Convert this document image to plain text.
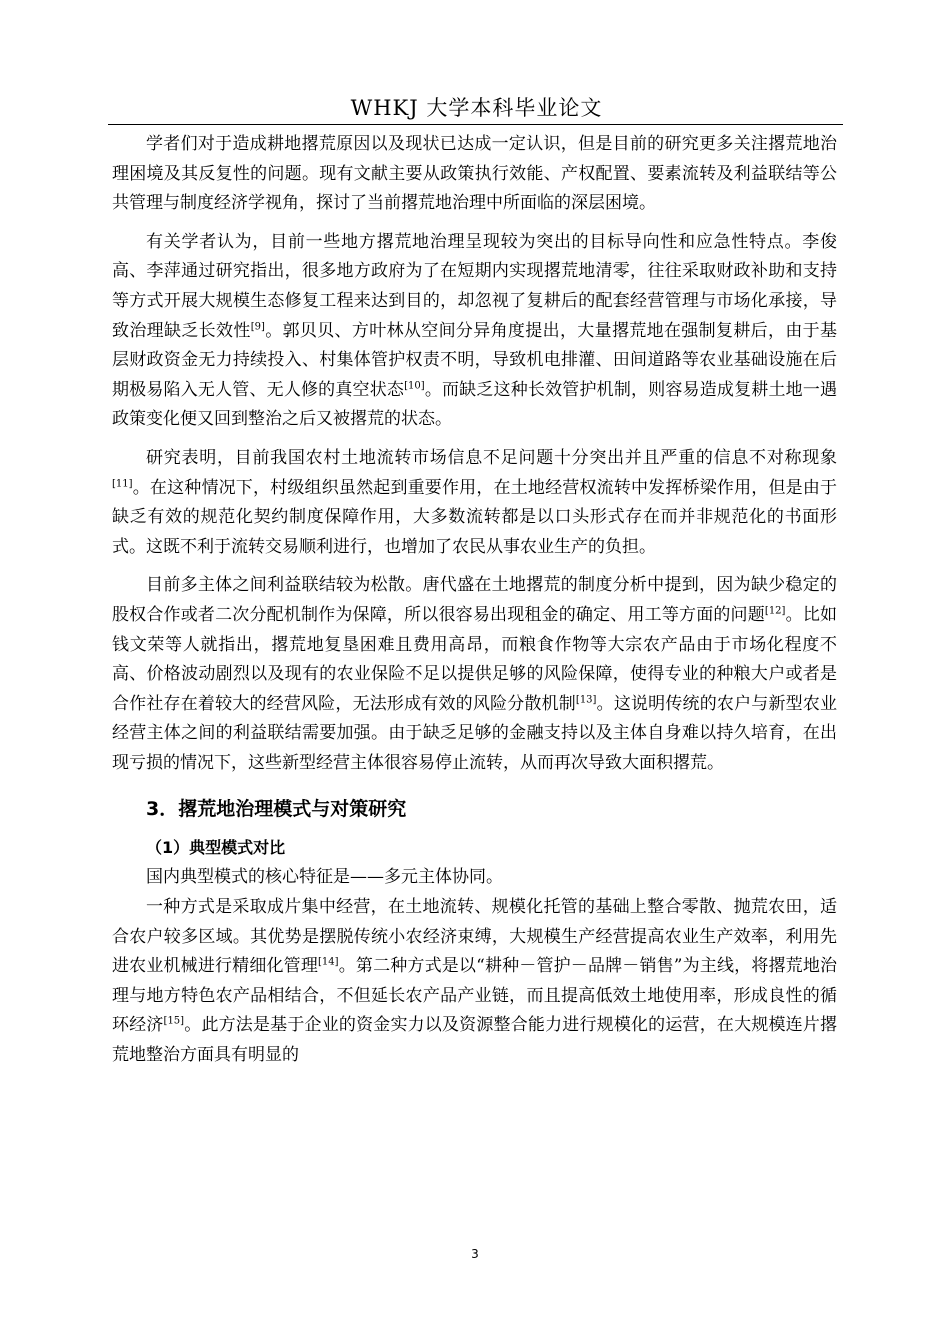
WHKJ 大学本科毕业论文

学者们对于造成耕地撂荒原因以及现状已达成一定认识，但是目前的研究更多关注撂荒地治理困境及其反复性的问题。现有文献主要从政策执行效能、产权配置、要素流转及利益联结等公共管理与制度经济学视角，探讨了当前撂荒地治理中所面临的深层困境。

有关学者认为，目前一些地方撂荒地治理呈现较为突出的目标导向性和应急性特点。李俊高、李萍通过研究指出，很多地方政府为了在短期内实现撂荒地清零，往往采取财政补助和支持等方式开展大规模生态修复工程来达到目的，却忽视了复耕后的配套经营管理与市场化承接，导致治理缺乏长效性[9]。郭贝贝、方叶林从空间分异角度提出，大量撂荒地在强制复耕后，由于基层财政资金无力持续投入、村集体管护权责不明，导致机电排灌、田间道路等农业基础设施在后期极易陷入无人管、无人修的真空状态[10]。而缺乏这种长效管护机制，则容易造成复耕土地一遇政策变化便又回到整治之后又被撂荒的状态。

研究表明，目前我国农村土地流转市场信息不足问题十分突出并且严重的信息不对称现象[11]。在这种情况下，村级组织虽然起到重要作用，在土地经营权流转中发挥桥梁作用，但是由于缺乏有效的规范化契约制度保障作用，大多数流转都是以口头形式存在而并非规范化的书面形式。这既不利于流转交易顺利进行，也增加了农民从事农业生产的负担。

目前多主体之间利益联结较为松散。唐代盛在土地撂荒的制度分析中提到，因为缺少稳定的股权合作或者二次分配机制作为保障，所以很容易出现租金的确定、用工等方面的问题[12]。比如钱文荣等人就指出，撂荒地复垦困难且费用高昂，而粮食作物等大宗农产品由于市场化程度不高、价格波动剧烈以及现有的农业保险不足以提供足够的风险保障，使得专业的种粮大户或者是合作社存在着较大的经营风险，无法形成有效的风险分散机制[13]。这说明传统的农户与新型农业经营主体之间的利益联结需要加强。由于缺乏足够的金融支持以及主体自身难以持久培育，在出现亏损的情况下，这些新型经营主体很容易停止流转，从而再次导致大面积撂荒。

3．撂荒地治理模式与对策研究
（1）典型模式对比

国内典型模式的核心特征是——多元主体协同。

一种方式是采取成片集中经营，在土地流转、规模化托管的基础上整合零散、抛荒农田，适合农户较多区域。其优势是摆脱传统小农经济束缚，大规模生产经营提高农业生产效率，利用先进农业机械进行精细化管理[14]。第二种方式是以“耕种－管护－品牌－销售”为主线，将撂荒地治理与地方特色农产品相结合，不但延长农产品产业链，而且提高低效土地使用率，形成良性的循环经济[15]。此方法是基于企业的资金实力以及资源整合能力进行规模化的运营，在大规模连片撂荒地整治方面具有明显的

3
